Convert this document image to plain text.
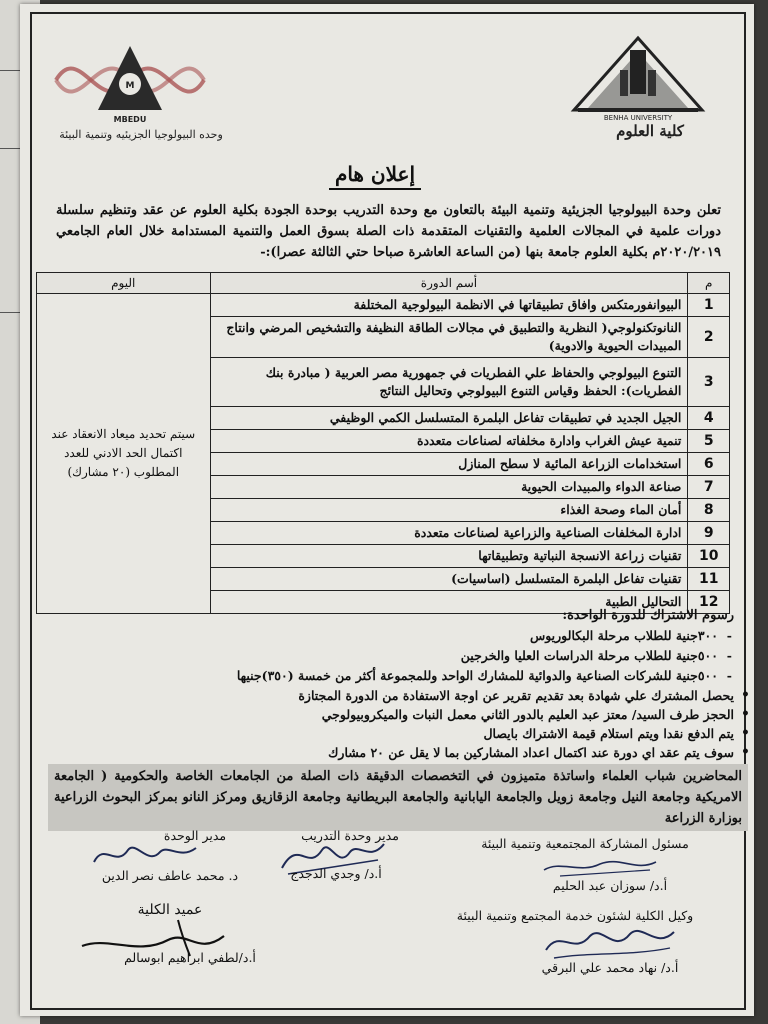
BENHA UNIVERSITY
كلية العلوم
M
MBEDU
وحده البيولوجيا الجزيئيه وتنمية البيئة
إعلان هام
تعلن وحدة البيولوجيا الجزيئية وتنمية البيئة بالتعاون مع وحدة التدريب بوحدة الجودة بكلية العلوم عن عقد وتنظيم سلسلة دورات علمية في المجالات العلمية والتقنيات المتقدمة ذات الصلة بسوق العمل والتنمية المستدامة خلال العام الجامعي ٢٠٢٠/٢٠١٩م بكلية العلوم جامعة بنها (من الساعة العاشرة صباحا حتي الثالثة عصرا):-
م	أسم الدورة	اليوم
1	البيوانفورمتكس وافاق تطبيقاتها في الانظمة البيولوجية المختلفة	سيتم تحديد ميعاد الانعقاد عند اكتمال الحد الادني للعدد المطلوب (٢٠ مشارك)
2	النانوتكنولوجي( النظرية والتطبيق في مجالات الطاقة النظيفة والتشخيص المرضي وانتاج المبيدات الحيوية والادوية)	
3	التنوع البيولوجي والحفاظ علي الفطريات في جمهورية مصر العربية ( مبادرة بنك الفطريات): الحفظ وقياس التنوع البيولوجي وتحاليل النتائج	
4	الجيل الجديد في تطبيقات تفاعل البلمرة المتسلسل الكمي الوظيفي	
5	تنمية عيش الغراب وادارة مخلفاته لصناعات متعددة	
6	استخدامات الزراعة المائية لا سطح المنازل	
7	صناعة الدواء والمبيدات الحيوية	
8	أمان الماء وصحة الغذاء	
9	ادارة المخلفات الصناعية والزراعية لصناعات متعددة	
10	تقنيات زراعة الانسجة النباتية وتطبيقاتها	
11	تقنيات تفاعل البلمرة المتسلسل (اساسيات)	
12	التحاليل الطبية	
رسوم الاشتراك للدورة الواحدة:
- ٣٠٠جنية للطلاب مرحلة البكالوريوس
- ٥٠٠جنية للطلاب مرحلة الدراسات العليا والخرجين
- ٥٠٠جنية للشركات الصناعية والدوائية للمشارك الواحد وللمجموعة أكثر من خمسة (٣٥٠)جنيها
• يحصل المشترك علي شهادة بعد تقديم تقرير عن اوجة الاستفادة من الدورة المجتازة
• الحجز طرف السيد/ معتز عبد العليم بالدور الثاني معمل النبات والميكروبيولوجي
• يتم الدفع نقدا ويتم استلام قيمة الاشتراك بايصال
• سوف يتم عقد اي دورة عند اكتمال اعداد المشاركين بما لا يقل عن ٢٠ مشارك
المحاضرين شباب العلماء واساتذة متميزون في التخصصات الدقيقة ذات الصلة من الجامعات الخاصة والحكومية ( الجامعة الامريكية وجامعة النيل وجامعة زويل والجامعة اليابانية والجامعة البريطانية وجامعة الزقازيق ومركز النانو بمركز البحوث الزراعية بوزارة الزراعة
مدير وحدة التدريب
أ.د/ وجدي الدجدج
مدير الوحدة
د. محمد عاطف نصر الدين
مسئول المشاركة المجتمعية وتنمية البيئة
أ.د/ سوزان عبد الحليم
عميد الكلية
أ.د/لطفي ابراهيم ابوسالم
وكيل الكلية لشئون خدمة المجتمع وتنمية البيئة
أ.د/ نهاد محمد علي البرقي
